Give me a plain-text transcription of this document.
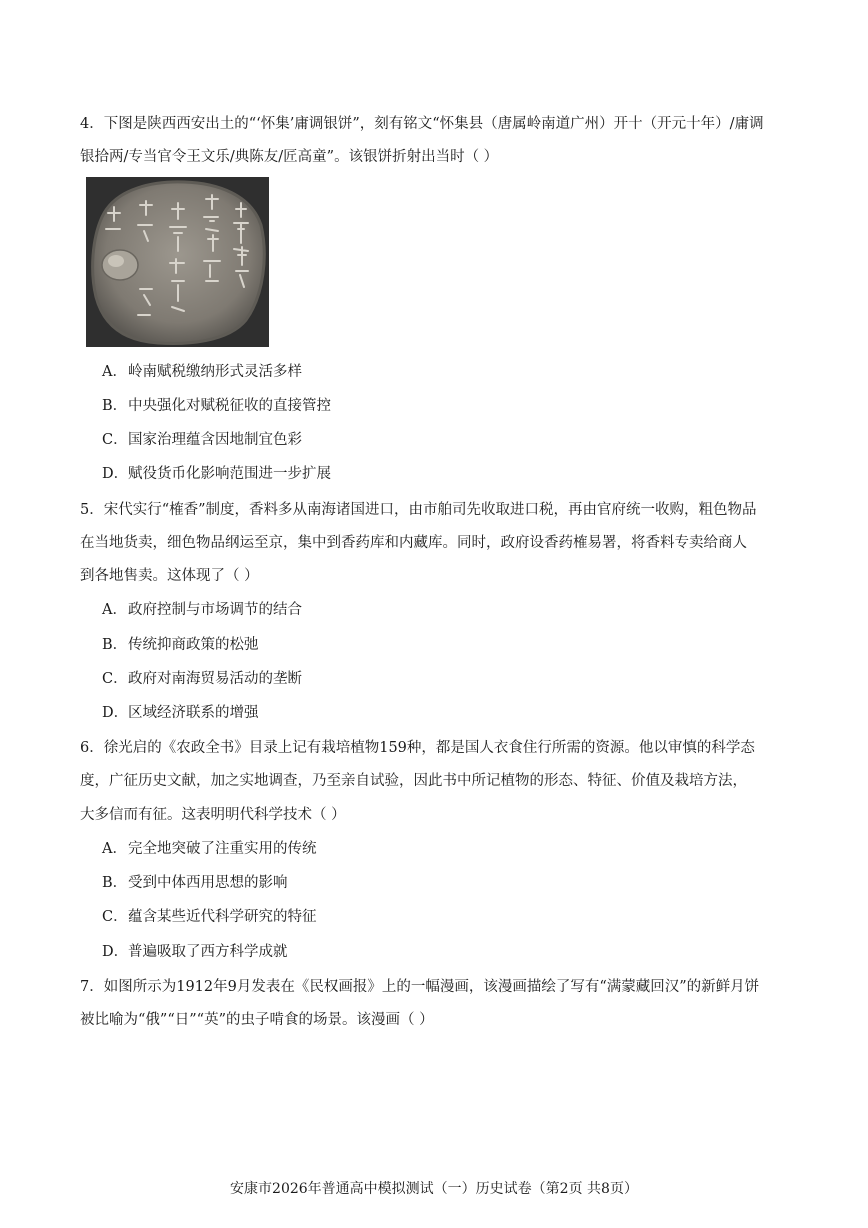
4．下图是陕西西安出土的“‘怀集’庸调银饼”，刻有铭文“怀集县（唐属岭南道广州）开十（开元十年）/庸调
银拾两/专当官令王文乐/典陈友/匠高童”。该银饼折射出当时（ ）
A．岭南赋税缴纳形式灵活多样
B．中央强化对赋税征收的直接管控
C．国家治理蕴含因地制宜色彩
D．赋役货币化影响范围进一步扩展
5．宋代实行“榷香”制度，香料多从南海诸国进口，由市舶司先收取进口税，再由官府统一收购，粗色物品
在当地货卖，细色物品纲运至京，集中到香药库和内藏库。同时，政府设香药榷易署，将香料专卖给商人
到各地售卖。这体现了（ ）
A．政府控制与市场调节的结合
B．传统抑商政策的松弛
C．政府对南海贸易活动的垄断
D．区域经济联系的增强
6．徐光启的《农政全书》目录上记有栽培植物159种，都是国人衣食住行所需的资源。他以审慎的科学态
度，广征历史文献，加之实地调查，乃至亲自试验，因此书中所记植物的形态、特征、价值及栽培方法，
大多信而有征。这表明明代科学技术（ ）
A．完全地突破了注重实用的传统
B．受到中体西用思想的影响
C．蕴含某些近代科学研究的特征
D．普遍吸取了西方科学成就
7．如图所示为1912年9月发表在《民权画报》上的一幅漫画，该漫画描绘了写有“满蒙藏回汉”的新鲜月饼
被比喻为“俄”“日”“英”的虫子啃食的场景。该漫画（ ）
安康市2026年普通高中模拟测试（一）历史试卷（第2页 共8页）
